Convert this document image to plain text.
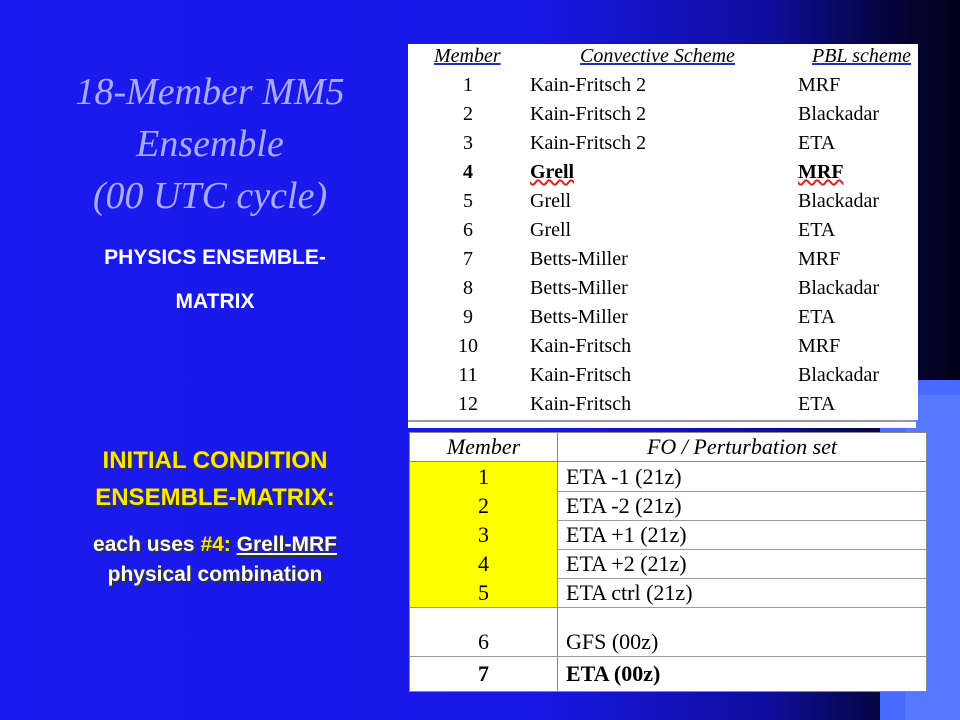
18-Member MM5
Ensemble
(00 UTC cycle)
PHYSICS ENSEMBLE-
MATRIX
INITIAL CONDITION
ENSEMBLE-MATRIX:
each uses #4: Grell-MRF
physical combination
Member	Convective Scheme	PBL scheme
1	Kain-Fritsch 2	MRF
2	Kain-Fritsch 2	Blackadar
3	Kain-Fritsch 2	ETA
4	Grell	MRF
5	Grell	Blackadar
6	Grell	ETA
7	Betts-Miller	MRF
8	Betts-Miller	Blackadar
9	Betts-Miller	ETA
10	Kain-Fritsch	MRF
11	Kain-Fritsch	Blackadar
12	Kain-Fritsch	ETA
Member	FO / Perturbation set
1	ETA -1 (21z)
2	ETA -2 (21z)
3	ETA +1 (21z)
4	ETA +2 (21z)
5	ETA ctrl (21z)
6	GFS (00z)
7	ETA (00z)
